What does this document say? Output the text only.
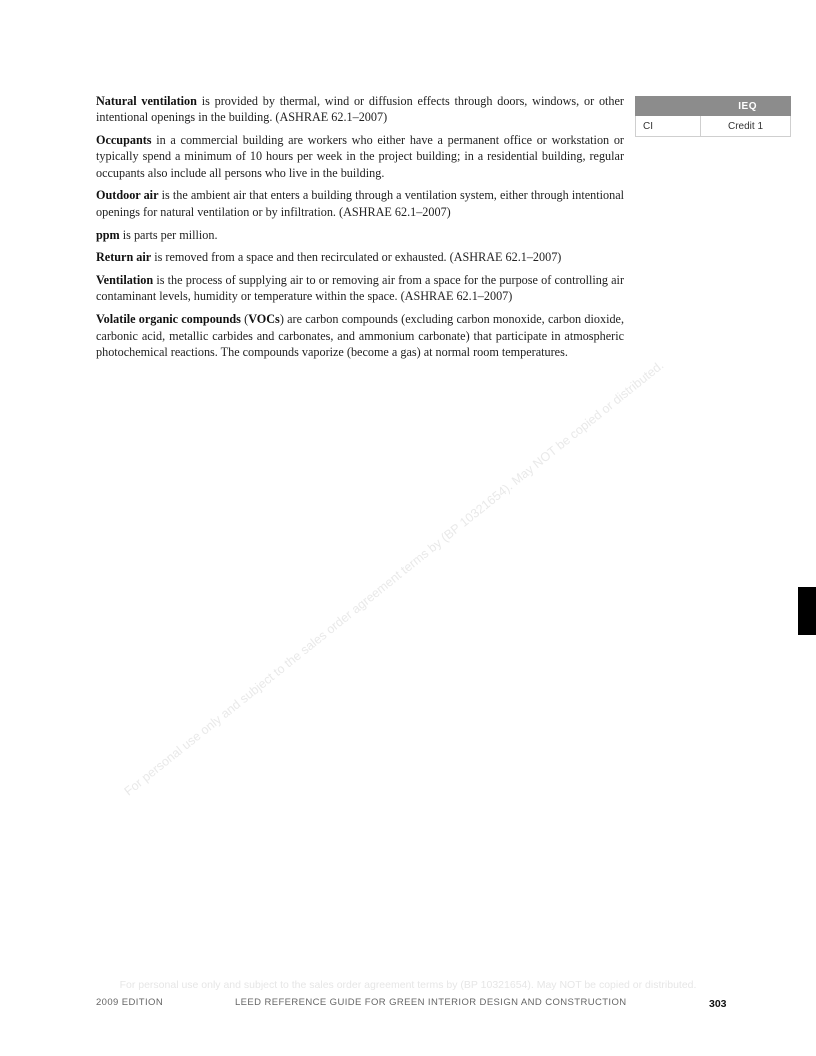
Natural ventilation is provided by thermal, wind or diffusion effects through doors, windows, or other intentional openings in the building. (ASHRAE 62.1–2007)

Occupants in a commercial building are workers who either have a permanent office or workstation or typically spend a minimum of 10 hours per week in the project building; in a residential building, regular occupants also include all persons who live in the building.

Outdoor air is the ambient air that enters a building through a ventilation system, either through intentional openings for natural ventilation or by infiltration. (ASHRAE 62.1–2007)

ppm is parts per million.

Return air is removed from a space and then recirculated or exhausted. (ASHRAE 62.1–2007)

Ventilation is the process of supplying air to or removing air from a space for the purpose of controlling air contaminant levels, humidity or temperature within the space. (ASHRAE 62.1–2007)

Volatile organic compounds (VOCs) are carbon compounds (excluding carbon monoxide, carbon dioxide, carbonic acid, metallic carbides and carbonates, and ammonium carbonate) that participate in atmospheric photochemical reactions. The compounds vaporize (become a gas) at normal room temperatures.

IEQ
CI	Credit 1
For personal use only and subject to the sales order agreement terms by (BP 10321654). May NOT be copied or distributed.
For personal use only and subject to the sales order agreement terms by (BP 10321654). May NOT be copied or distributed.
2009 EDITION	LEED REFERENCE GUIDE FOR GREEN INTERIOR DESIGN AND CONSTRUCTION	303
